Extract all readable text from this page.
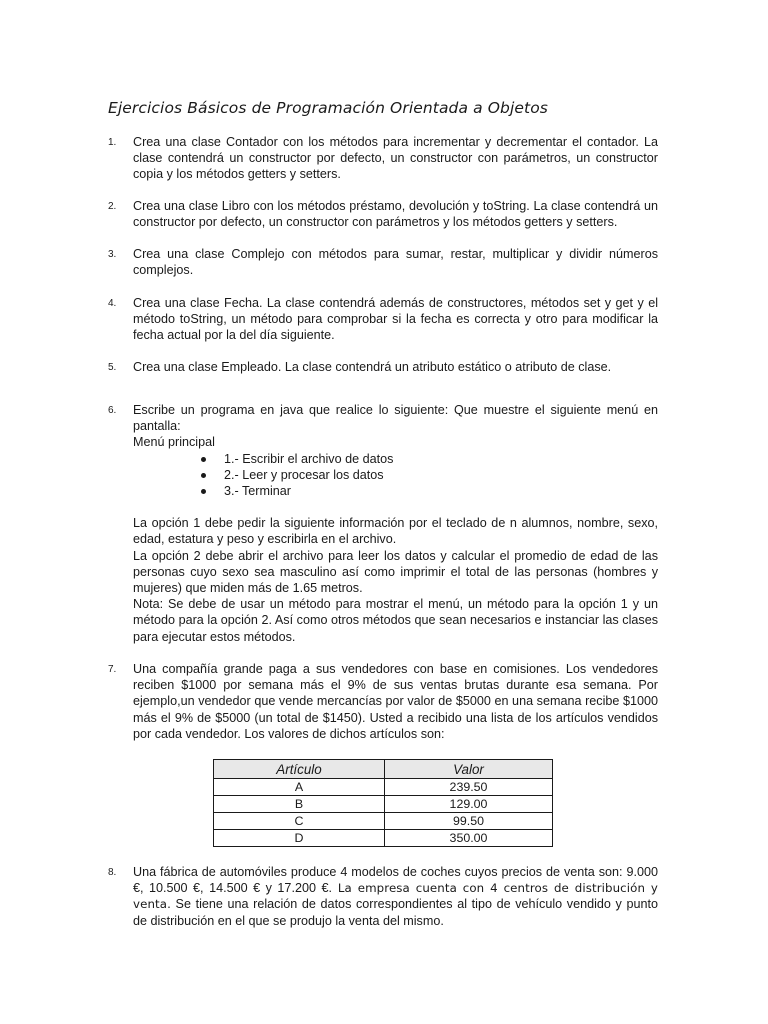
Ejercicios Básicos de Programación Orientada a Objetos
1. Crea una clase Contador con los métodos para incrementar y decrementar el contador. La clase contendrá un constructor por defecto, un constructor con parámetros, un constructor copia y los métodos getters y setters.

2. Crea una clase Libro con los métodos préstamo, devolución y toString. La clase contendrá un constructor por defecto, un constructor con parámetros y los métodos getters y setters.

3. Crea una clase Complejo con métodos para sumar, restar, multiplicar y dividir números complejos.

4. Crea una clase Fecha. La clase contendrá además de constructores, métodos set y get y el método toString, un método para comprobar si la fecha es correcta y otro para modificar la fecha actual por la del día siguiente.

5. Crea una clase Empleado. La clase contendrá un atributo estático o atributo de clase.

6. Escribe un programa en java que realice lo siguiente: Que muestre el siguiente menú en pantalla:

Menú principal

1.- Escribir el archivo de datos
2.- Leer y procesar los datos
3.- Terminar

La opción 1 debe pedir la siguiente información por el teclado de n alumnos, nombre, sexo, edad, estatura y peso y escribirla en el archivo.

La opción 2 debe abrir el archivo para leer los datos y calcular el promedio de edad de las personas cuyo sexo sea masculino así como imprimir el total de las personas (hombres y mujeres) que miden más de 1.65 metros.

Nota: Se debe de usar un método para mostrar el menú, un método para la opción 1 y un método para la opción 2. Así como otros métodos que sean necesarios e instanciar las clases para ejecutar estos métodos.

7. Una compañía grande paga a sus vendedores con base en comisiones. Los vendedores reciben $1000 por semana más el 9% de sus ventas brutas durante esa semana. Por ejemplo,un vendedor que vende mercancías por valor de $5000 en una semana recibe $1000 más el 9% de $5000 (un total de $1450). Usted a recibido una lista de los artículos vendidos por cada vendedor. Los valores de dichos artículos son:

Artículo	Valor
A	239.50
B	129.00
C	99.50
D	350.00
8. Una fábrica de automóviles produce 4 modelos de coches cuyos precios de venta son: 9.000 €, 10.500 €, 14.500 € y 17.200 €. La empresa cuenta con 4 centros de distribución y venta. Se tiene una relación de datos correspondientes al tipo de vehículo vendido y punto de distribución en el que se produjo la venta del mismo.
